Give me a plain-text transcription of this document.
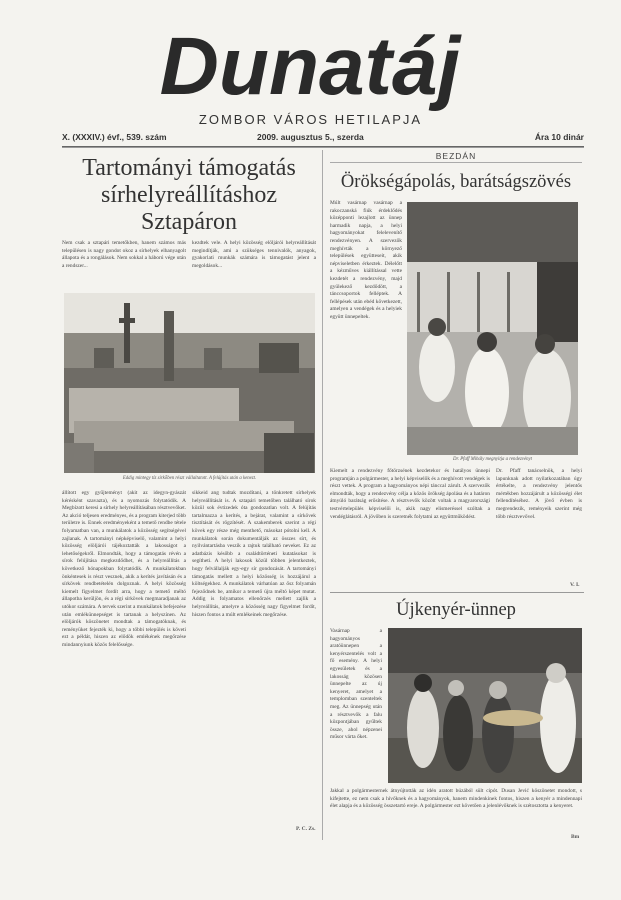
Dunatáj
ZOMBOR VÁROS HETILAPJA
X. (XXXIV.) évf., 539. szám	2009. augusztus 5., szerda	Ára 10 dinár
Tartományi támogatás sírhelyreállításhoz Sztapáron
Nem csak a sztapári temetőkben, hanem számos más településen is nagy gondot okoz a sírhelyek elhanyagolt állapota és a rongálások. Nem sokkal a háború vége után a rendszer...
kezdtek vele. A helyi közösség elöljárói helyreállítását megindítják, ami a szükséges tennivalók, anyagok, gyakorlati munkák számára is támogatást jelent a megoldások...
Eddig mintegy tíz sírkőben részt vállaltatott. A felújítás után a kenezt.
állított egy gyűjteményt (akit az idegyn-gyászát kérésként szavazta), és a nyomozás folytatódik. A Megbízott keresi a sírhely helyreállításában résztvevőket. Az akció teljesen eredményes, és a program kiterjed több területre is. Ennek eredményeként a temető rendbe tétele folyamatban van, a munkálatok a közösség segítségével zajlanak. A tartományi népképviselő, valamint a helyi közösség elöljárói tájékoztatták a lakosságot a lehetőségekről. Elmondták, hogy a támogatás révén a sírok felújítása megkezdődhet, és a helyreállítás a következő hónapokban folytatódik. A munkálatokban önkéntesek is részt vesznek, akik a kerítés javításán és a sírkövek rendbetételén dolgoznak. A helyi közösség kiemelt figyelmet fordít arra, hogy a temető méltó állapotba kerüljön, és a régi sírkövek megmaradjanak az utókor számára. A tervek szerint a munkálatok befejezése után emlékünnepséget is tartanak a helyszínen. Az elöljárók köszönetet mondtak a támogatóknak, és reményüket fejezték ki, hogy a többi település is követi ezt a példát, hiszen az elődök emlékének megőrzése mindannyiunk közös felelőssége.
sikkeid ang tudtak mozdítani, a tönkretett sírhelyek helyreállítását is. A sztapári temetőben található sírok közül sok évtizedek óta gondozatlan volt. A felújítás tartalmazza a kerítés, a bejárat, valamint a sírkövek tisztítását és rögzítését. A szakemberek szerint a régi kövek egy része még menthető, másokat pótolni kell. A munkálatok során dokumentálják az összes sírt, és nyilvántartásba veszik a rajtuk található neveket. Ez az adatbázis később a családtörténeti kutatásokat is segítheti. A helyi lakosok közül többen jelentkeztek, hogy felvállalják egy-egy sír gondozását. A tartományi támogatás mellett a helyi közösség is hozzájárul a költségekhez. A munkálatok várhatóan az ősz folyamán fejeződnek be, amikor a temető újra méltó képet mutat. Addig is folyamatos ellenőrzés mellett zajlik a helyreállítás, amelyre a közösség nagy figyelmet fordít, hiszen fontos a múlt emlékeinek megőrzése.
P. C. Zs.
BEZDÁN
Örökségápolás, barátságszövés
Múlt vasárnap vasárnap a rakoczanská fiúk érdeklődés középponti lezajlott az ünnep harmadik napja, a helyi hagyományokat felelevenítő rendezvényen. A szervezők meghívták a környező települések együtteseit, akik népviseletben érkeztek. Délelőtt a kézműves kiállítással vette kezdetét a rendezvény, majd gyülekező kezdődött, a tánccsoportok felléptek. A fellépések után ebéd következett, amelyen a vendégek és a helyiek együtt ünnepeltek.
Dr. Pfaff Mihály megnyitja a rendezvényt
Kiemelt a rendezvény főtörzsének kezdetekor és hatályos ünnepi programján a polgármester, a helyi képviselők és a meghívott vendégek is részt vettek. A program a hagyományos népi tánccal zárult. A szervezők elmondták, hogy a rendezvény célja a közös örökség ápolása és a határon átnyúló barátság erősítése. A résztvevők között voltak a magyarországi testvértelepülés képviselői is, akik nagy elismeréssel szóltak a vendéglátásról. A jövőben is szeretnék folytatni az együttműködést.
Dr. Pfaff tanácselnök, a helyi lapunknak adott nyilatkozatában úgy értékelte, a rendezvény jelentős mértékben hozzájárult a közösségi élet fellendítéséhez. A jövő évben is megrendezik, reményeik szerint még több résztvevővel.
V. I.
Újkenyér-ünnep
Vasárnap a hagyományos aratóünnepen a kenyérszentelés volt a fő esemény. A helyi egyesületek és a lakosság közösen ünnepelte az új kenyeret, amelyet a templomban szenteltek meg. Az ünnepség után a résztvevők a falu központjában gyűltek össze, ahol népzenei műsor várta őket.
Jakkal a polgármesternek átnyújtották az idén aratott búzából sült cipót. Dusan Jević köszönetet mondott, s kifejtette, ez nem csak a hívőknek és a hagyományok, hanem mindenkinek fontos, hiszen a kenyér a mindennapi élet alapja és a közösség összetartó ereje. A polgármester ezt követően a jelenlévőknek is szétosztotta a kenyeret.
Bm
